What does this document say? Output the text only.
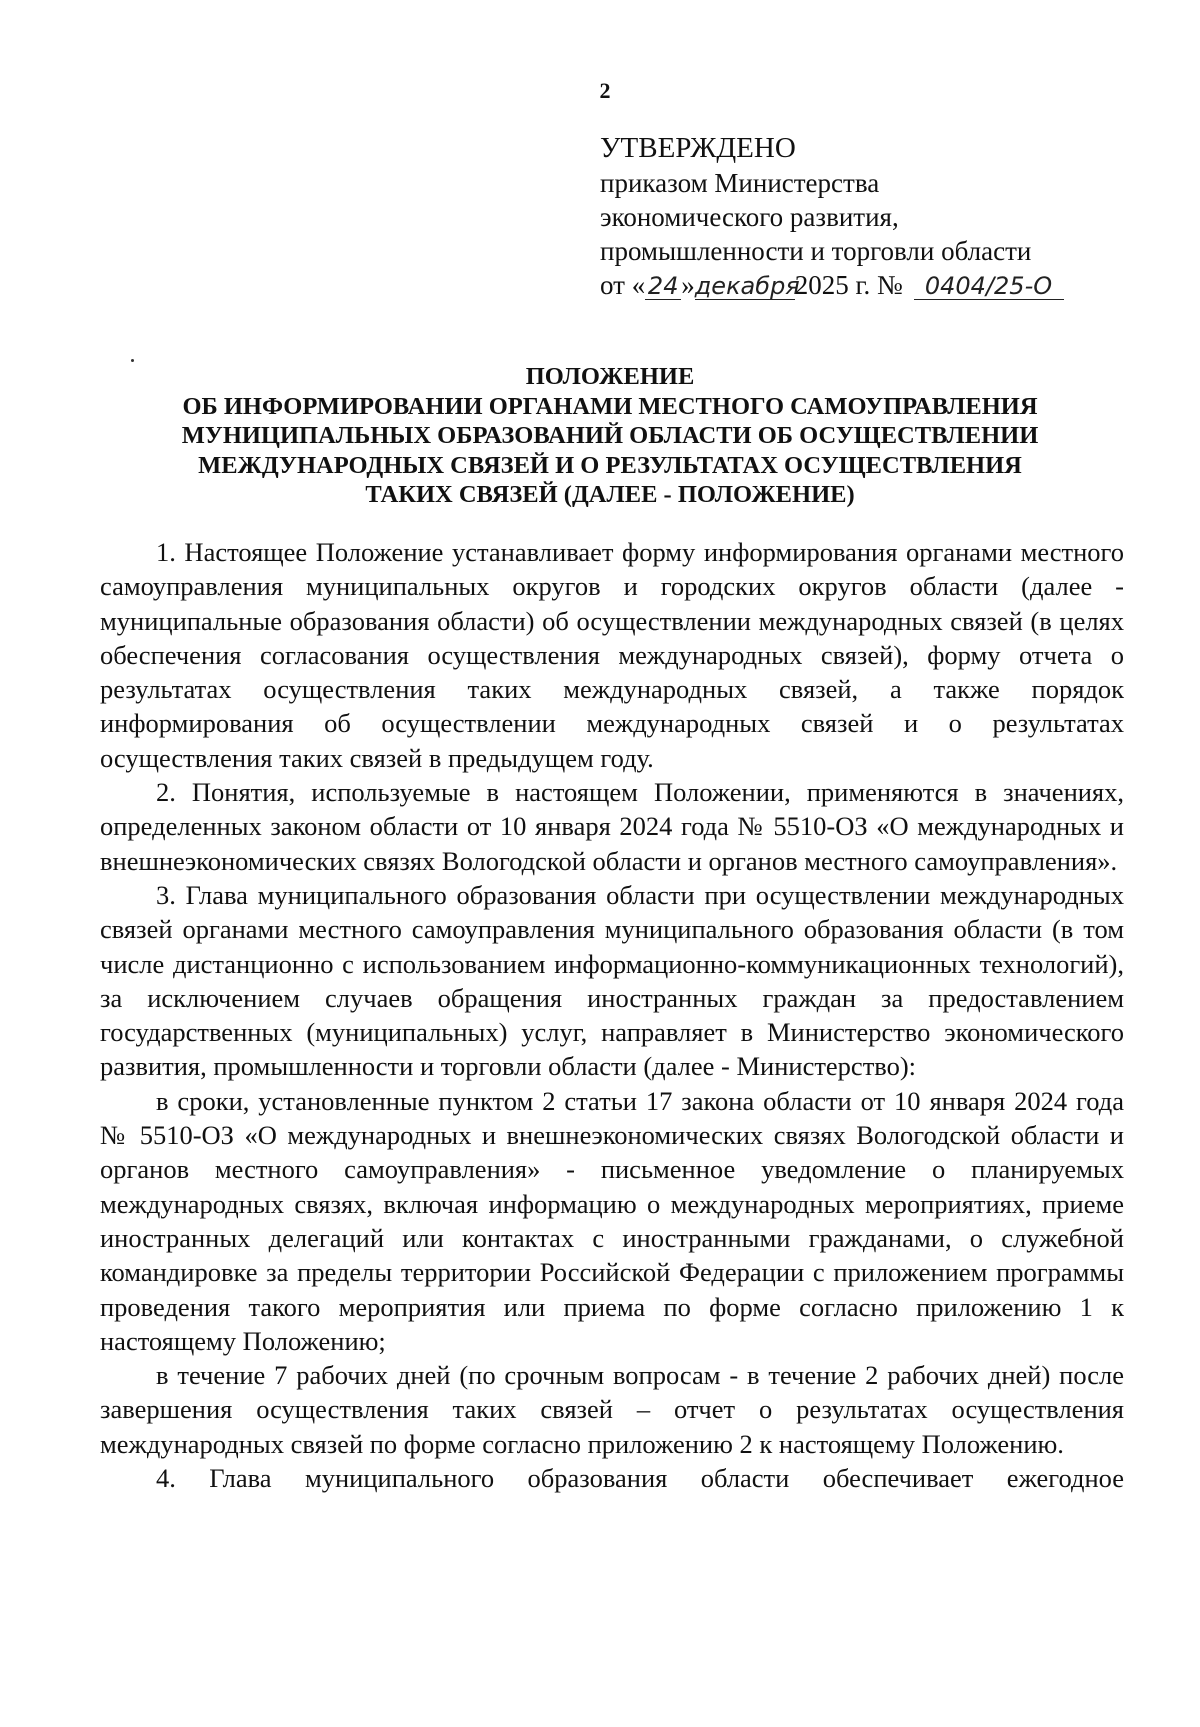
2
УТВЕРЖДЕНО
приказом Министерства
экономического развития,
промышленности и торговли области
от « 24 »декабря2025 г. № 0404/25-О
ПОЛОЖЕНИЕ
ОБ ИНФОРМИРОВАНИИ ОРГАНАМИ МЕСТНОГО САМОУПРАВЛЕНИЯ
МУНИЦИПАЛЬНЫХ ОБРАЗОВАНИЙ ОБЛАСТИ ОБ ОСУЩЕСТВЛЕНИИ
МЕЖДУНАРОДНЫХ СВЯЗЕЙ И О РЕЗУЛЬТАТАХ ОСУЩЕСТВЛЕНИЯ
ТАКИХ СВЯЗЕЙ (ДАЛЕЕ - ПОЛОЖЕНИЕ)

1. Настоящее Положение устанавливает форму информирования органами местного самоуправления муниципальных округов и городских округов области (далее - муниципальные образования области) об осуществлении международных связей (в целях обеспечения согласования осуществления международных связей), форму отчета о результатах осуществления таких международных связей, а также порядок информирования об осуществлении международных связей и о результатах осуществления таких связей в предыдущем году.

2. Понятия, используемые в настоящем Положении, применяются в значениях, определенных законом области от 10 января 2024 года № 5510-ОЗ «О международных и внешнеэкономических связях Вологодской области и органов местного самоуправления».

3. Глава муниципального образования области при осуществлении международных связей органами местного самоуправления муниципального образования области (в том числе дистанционно с использованием информационно-коммуникационных технологий), за исключением случаев обращения иностранных граждан за предоставлением государственных (муниципальных) услуг, направляет в Министерство экономического развития, промышленности и торговли области (далее - Министерство):

в сроки, установленные пунктом 2 статьи 17 закона области от 10 января 2024 года № 5510-ОЗ «О международных и внешнеэкономических связях Вологодской области и органов местного самоуправления» - письменное уведомление о планируемых международных связях, включая информацию о международных мероприятиях, приеме иностранных делегаций или контактах с иностранными гражданами, о служебной командировке за пределы территории Российской Федерации с приложением программы проведения такого мероприятия или приема по форме согласно приложению 1 к настоящему Положению;

в течение 7 рабочих дней (по срочным вопросам - в течение 2 рабочих дней) после завершения осуществления таких связей – отчет о результатах осуществления международных связей по форме согласно приложению 2 к настоящему Положению.

4. Глава муниципального образования области обеспечивает ежегодное
